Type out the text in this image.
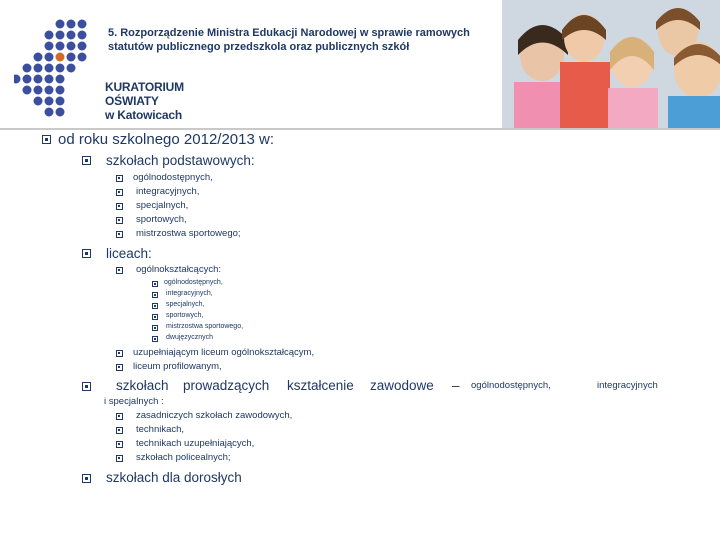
5. Rozporządzenie Ministra Edukacji Narodowej w sprawie ramowych statutów publicznego przedszkola oraz publicznych szkół
KURATORIUM
OŚWIATY
w Katowicach
od roku szkolnego 2012/2013 w:
szkołach podstawowych:
ogólnodostępnych,
integracyjnych,
specjalnych,
sportowych,
mistrzostwa sportowego;
liceach:
ogólnokształcących:
ogólnodostępnych,
integracyjnych,
specjalnych,
sportowych,
mistrzostwa sportowego,
dwujęzycznych
uzupełniającym liceum ogólnokształcącym,
liceum profilowanym,
szkołach prowadzących kształcenie zawodowe – ogólnodostępnych,	integracyjnych
i specjalnych :
zasadniczych szkołach zawodowych,
technikach,
technikach uzupełniających,
szkołach policealnych;
szkołach dla dorosłych
